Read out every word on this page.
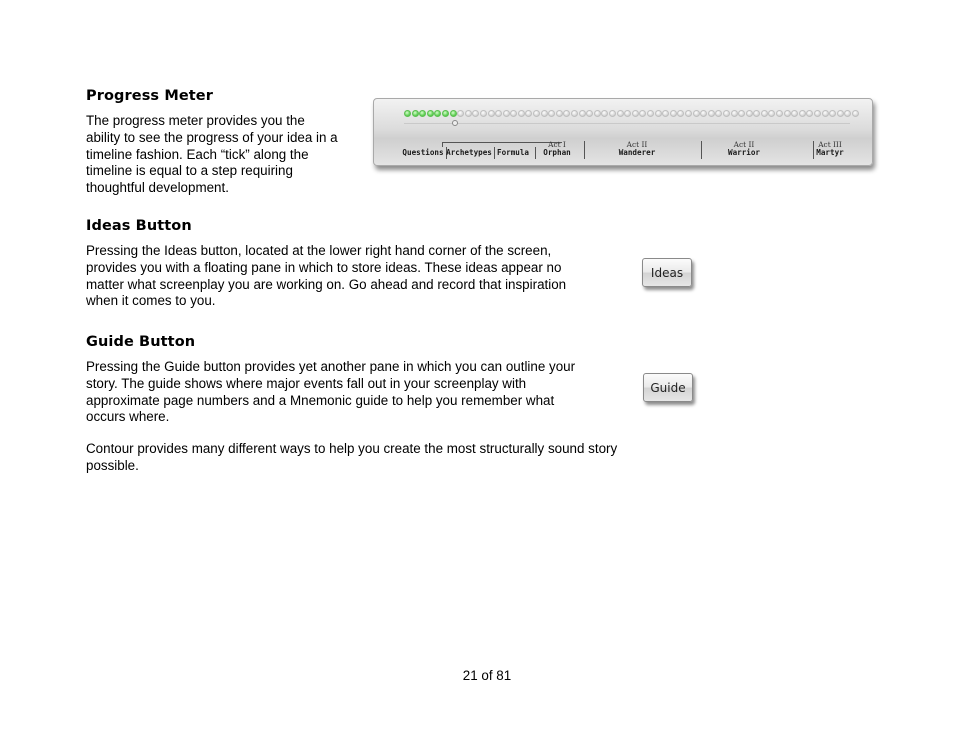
Progress Meter
The progress meter provides you the
ability to see the progress of your idea in a
timeline fashion. Each “tick” along the
timeline is equal to a step requiring
thoughtful development.
Questions Archetypes Formula
Act I
Orphan
Act II
Wanderer
Act II
Warrior
Act III
Martyr
Ideas Button
Pressing the Ideas button, located at the lower right hand corner of the screen,
provides you with a floating pane in which to store ideas. These ideas appear no
matter what screenplay you are working on. Go ahead and record that inspiration
when it comes to you.
Ideas
Guide Button
Pressing the Guide button provides yet another pane in which you can outline your
story. The guide shows where major events fall out in your screenplay with
approximate page numbers and a Mnemonic guide to help you remember what
occurs where.
Guide
Contour provides many different ways to help you create the most structurally sound story
possible.
21 of 81
